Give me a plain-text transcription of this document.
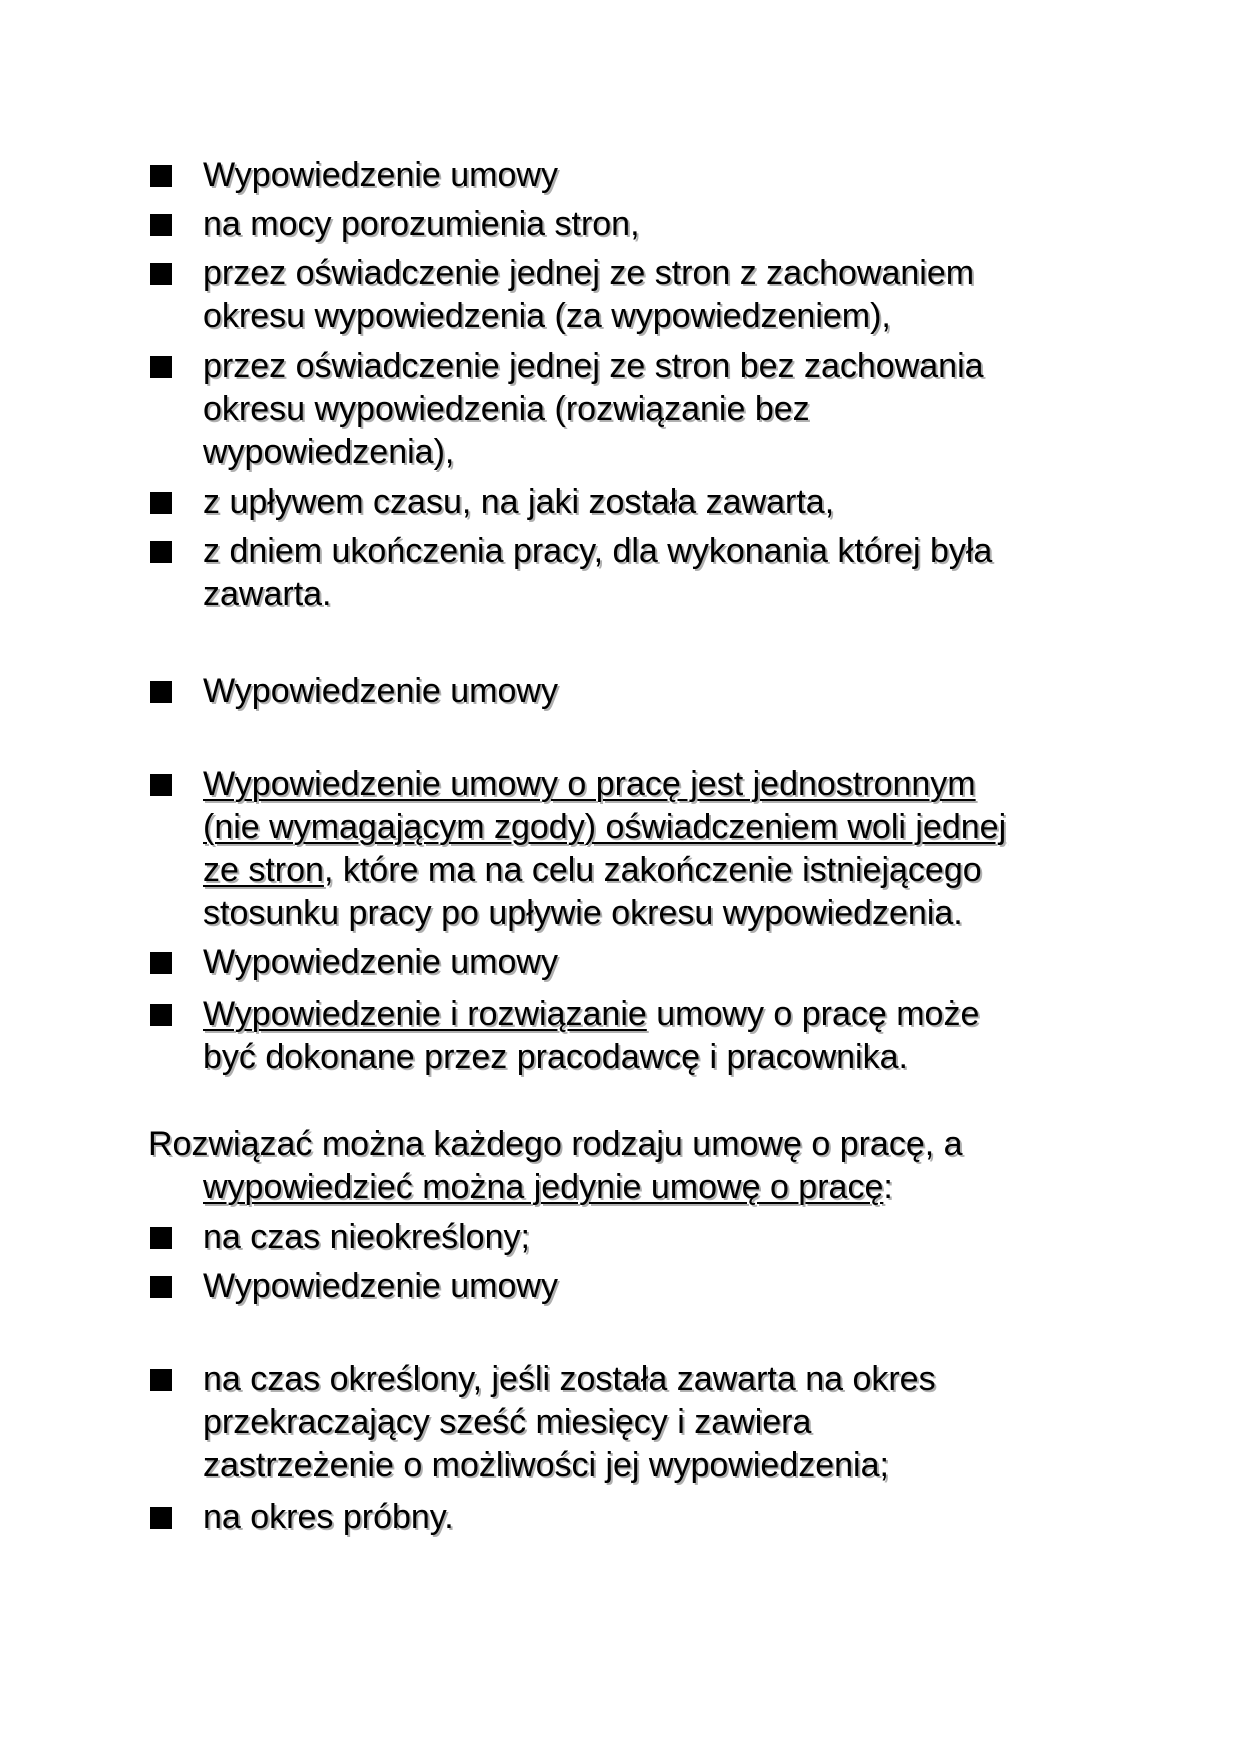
Wypowiedzenie umowy
na mocy porozumienia stron,
przez oświadczenie jednej ze stron z zachowaniem
okresu wypowiedzenia (za wypowiedzeniem),
przez oświadczenie jednej ze stron bez zachowania
okresu wypowiedzenia (rozwiązanie bez
wypowiedzenia),
z upływem czasu, na jaki została zawarta,
z dniem ukończenia pracy, dla wykonania której była
zawarta.
Wypowiedzenie umowy
Wypowiedzenie umowy o pracę jest jednostronnym
(nie wymagającym zgody) oświadczeniem woli jednej
ze stron, które ma na celu zakończenie istniejącego
stosunku pracy po upływie okresu wypowiedzenia.
Wypowiedzenie umowy
Wypowiedzenie i rozwiązanie umowy o pracę może
być dokonane przez pracodawcę i pracownika.
Rozwiązać można każdego rodzaju umowę o pracę, a
wypowiedzieć można jedynie umowę o pracę:
na czas nieokreślony;
Wypowiedzenie umowy
na czas określony, jeśli została zawarta na okres
przekraczający sześć miesięcy i zawiera
zastrzeżenie o możliwości jej wypowiedzenia;
na okres próbny.
